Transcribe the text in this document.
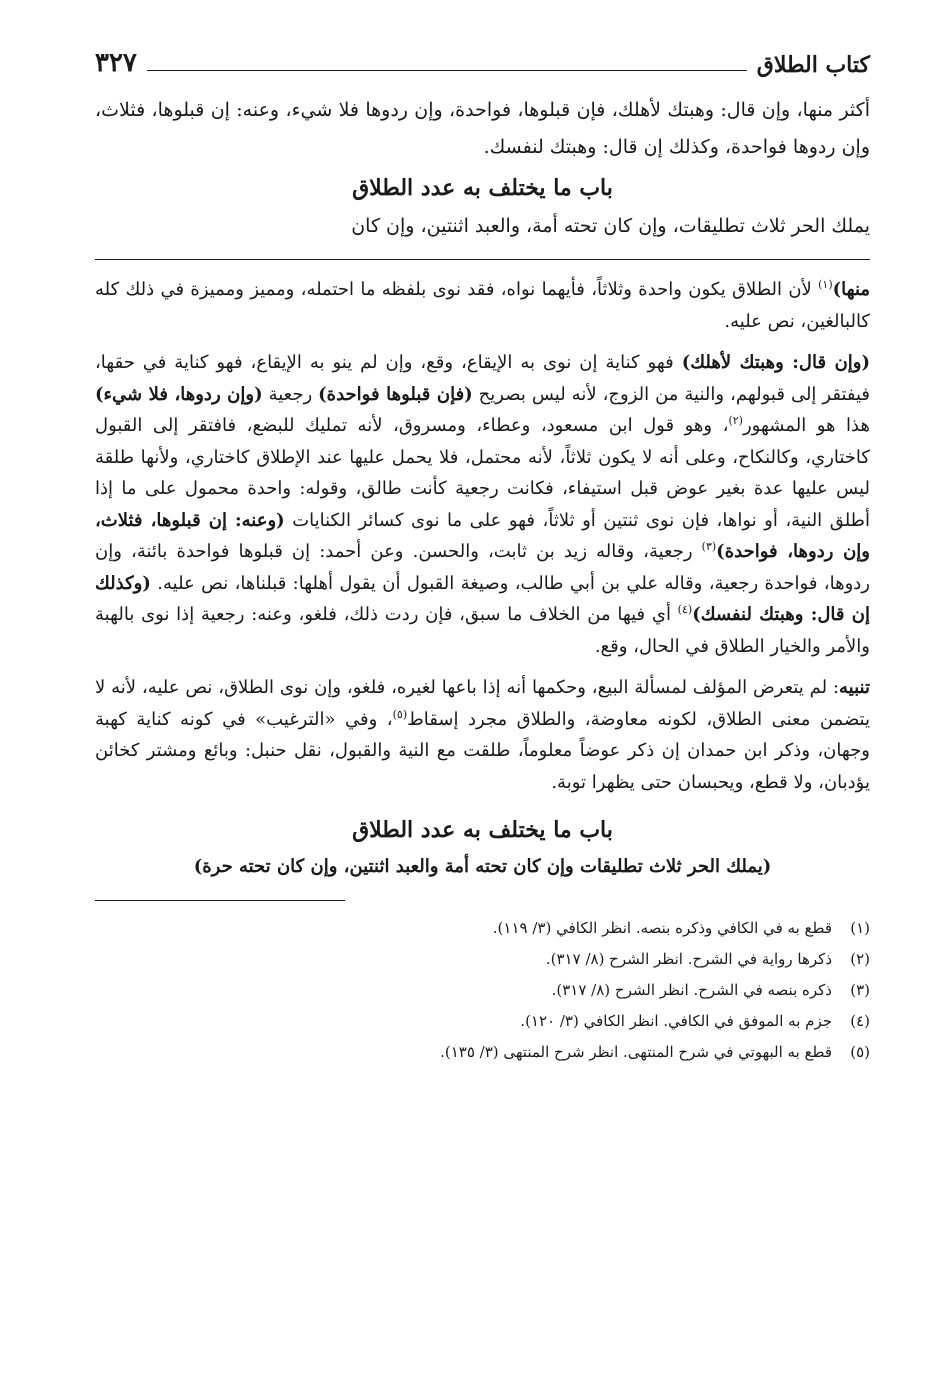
كتاب الطلاق
٣٢٧

أكثر منها، وإن قال: وهبتك لأهلك، فإن قبلوها، فواحدة، وإن ردوها فلا شيء، وعنه: إن قبلوها، فثلاث، وإن ردوها فواحدة، وكذلك إن قال: وهبتك لنفسك.

باب ما يختلف به عدد الطلاق

يملك الحر ثلاث تطليقات، وإن كان تحته أمة، والعبد اثنتين، وإن كان

منها)$^{(١)}$ لأن الطلاق يكون واحدة وثلاثاً، فأيهما نواه، فقد نوى بلفظه ما احتمله، ومميز ومميزة في ذلك كله كالبالغين، نص عليه.

(وإن قال: وهبتك لأهلك) فهو كناية إن نوى به الإيقاع، وقع، وإن لم ينو به الإيقاع، فهو كناية في حقها، فيفتقر إلى قبولهم، والنية من الزوج، لأنه ليس بصريح (فإن قبلوها فواحدة) رجعية (وإن ردوها، فلا شيء) هذا هو المشهور$^{(٢)}$، وهو قول ابن مسعود، وعطاء، ومسروق، لأنه تمليك للبضع، فافتقر إلى القبول كاختاري، وكالنكاح، وعلى أنه لا يكون ثلاثاً، لأنه محتمل، فلا يحمل عليها عند الإطلاق كاختاري، ولأنها طلقة ليس عليها عدة بغير عوض قبل استيفاء، فكانت رجعية كأنت طالق، وقوله: واحدة محمول على ما إذا أطلق النية، أو نواها، فإن نوى ثنتين أو ثلاثاً، فهو على ما نوى كسائر الكنايات (وعنه: إن قبلوها، فثلاث، وإن ردوها، فواحدة)$^{(٣)}$ رجعية، وقاله زيد بن ثابت، والحسن. وعن أحمد: إن قبلوها فواحدة بائنة، وإن ردوها، فواحدة رجعية، وقاله علي بن أبي طالب، وصيغة القبول أن يقول أهلها: قبلناها، نص عليه. (وكذلك إن قال: وهبتك لنفسك)$^{(٤)}$ أي فيها من الخلاف ما سبق، فإن ردت ذلك، فلغو، وعنه: رجعية إذا نوى بالهبة والأمر والخيار الطلاق في الحال، وقع.

تنبيه: لم يتعرض المؤلف لمسألة البيع، وحكمها أنه إذا باعها لغيره، فلغو، وإن نوى الطلاق، نص عليه، لأنه لا يتضمن معنى الطلاق، لكونه معاوضة، والطلاق مجرد إسقاط$^{(٥)}$، وفي «الترغيب» في كونه كناية كهبة وجهان، وذكر ابن حمدان إن ذكر عوضاً معلوماً، طلقت مع النية والقبول، نقل حنبل: وبائع ومشتر كخائن يؤدبان، ولا قطع، ويحبسان حتى يظهرا توبة.

باب ما يختلف به عدد الطلاق
(يملك الحر ثلاث تطليقات وإن كان تحته أمة والعبد اثنتين، وإن كان تحته حرة)
(١)
قطع به في الكافي وذكره بنصه. انظر الكافي (٣/ ١١٩).
(٢)
ذكرها رواية في الشرح. انظر الشرح (٨/ ٣١٧).
(٣)
ذكره بنصه في الشرح. انظر الشرح (٨/ ٣١٧).
(٤)
جزم به الموفق في الكافي. انظر الكافي (٣/ ١٢٠).
(٥)
قطع به البهوتي في شرح المنتهى. انظر شرح المنتهى (٣/ ١٣٥).
